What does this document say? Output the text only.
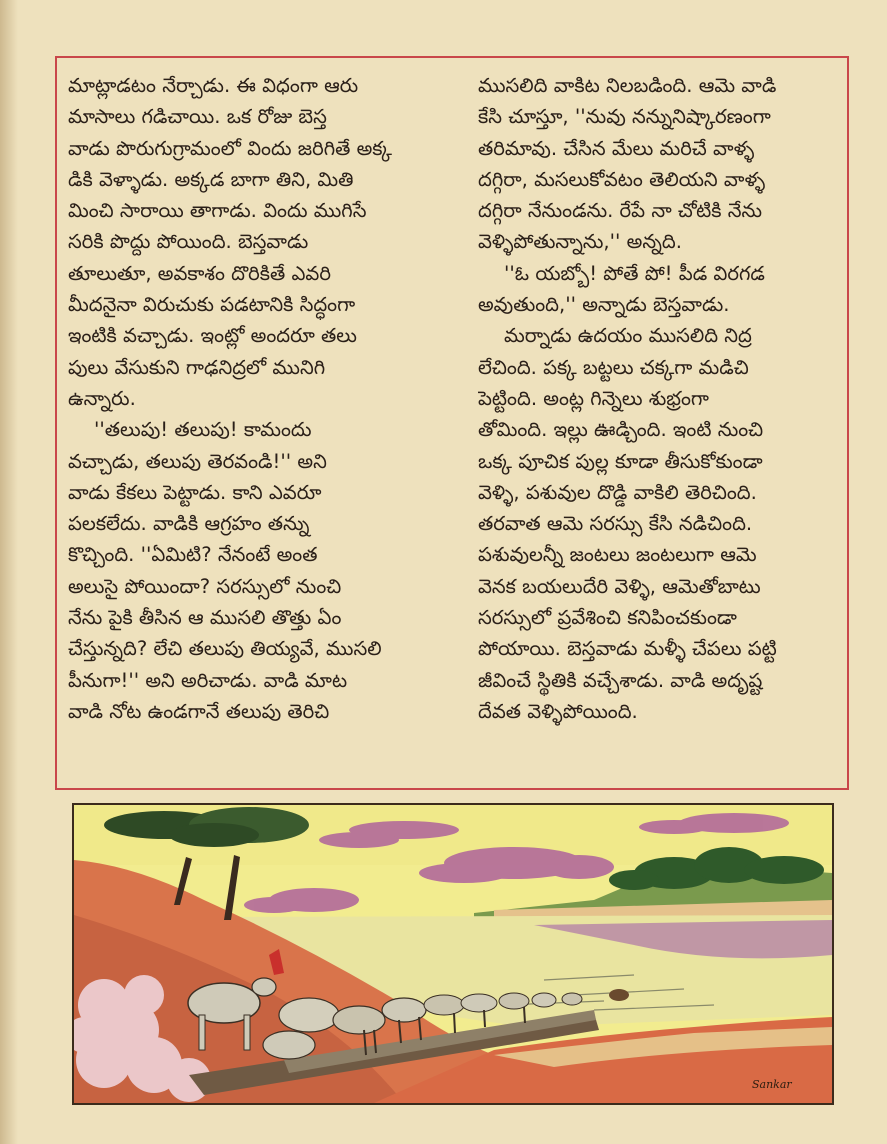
మాట్లాడటం నేర్చాడు. ఈ విధంగా ఆరు
మాసాలు గడిచాయి. ఒక రోజు బెస్త
వాడు పొరుగుగ్రామంలో విందు జరిగితే అక్క
డికి వెళ్ళాడు. అక్కడ బాగా తిని, మితి
మించి సారాయి తాగాడు. విందు ముగిసే
సరికి పొద్దు పోయింది. బెస్తవాడు
తూలుతూ, అవకాశం దొరికితే ఎవరి
మీదనైనా విరుచుకు పడటానికి సిద్ధంగా
ఇంటికి వచ్చాడు. ఇంట్లో అందరూ తలు
పులు వేసుకుని గాఢనిద్రలో మునిగి
ఉన్నారు.
''తలుపు! తలుపు! కామందు
వచ్చాడు, తలుపు తెరవండి!'' అని
వాడు కేకలు పెట్టాడు. కాని ఎవరూ
పలకలేదు. వాడికి ఆగ్రహం తన్ను
కొచ్చింది. ''ఏమిటి? నేనంటే అంత
అలుసై పోయిందా? సరస్సులో నుంచి
నేను పైకి తీసిన ఆ ముసలి తొత్తు ఏం
చేస్తున్నది? లేచి తలుపు తియ్యవే, ముసలి
పీనుగా!'' అని అరిచాడు. వాడి మాట
వాడి నోట ఉండగానే తలుపు తెరిచి
ముసలిది వాకిట నిలబడింది. ఆమె వాడి
కేసి చూస్తూ, ''నువు నన్నునిష్కారణంగా
తరిమావు. చేసిన మేలు మరిచే వాళ్ళ
దగ్గిరా, మసలుకోవటం తెలియని వాళ్ళ
దగ్గిరా నేనుండను. రేపే నా చోటికి నేను
వెళ్ళిపోతున్నాను,'' అన్నది.
''ఓ యబ్బో! పోతే పో! పీడ విరగడ
అవుతుంది,'' అన్నాడు బెస్తవాడు.
మర్నాడు ఉదయం ముసలిది నిద్ర
లేచింది. పక్క బట్టలు చక్కగా మడిచి
పెట్టింది. అంట్ల గిన్నెలు శుభ్రంగా
తోమింది. ఇల్లు ఊడ్చింది. ఇంటి నుంచి
ఒక్క పూచిక పుల్ల కూడా తీసుకోకుండా
వెళ్ళి, పశువుల దొడ్డి వాకిలి తెరిచింది.
తరవాత ఆమె సరస్సు కేసి నడిచింది.
పశువులన్నీ జంటలు జంటలుగా ఆమె
వెనక బయలుదేరి వెళ్ళి, ఆమెతోబాటు
సరస్సులో ప్రవేశించి కనిపించకుండా
పోయాయి. బెస్తవాడు మళ్ళీ చేపలు పట్టి
జీవించే స్థితికి వచ్చేశాడు. వాడి అదృష్ట
దేవత వెళ్ళిపోయింది.
Sankar
